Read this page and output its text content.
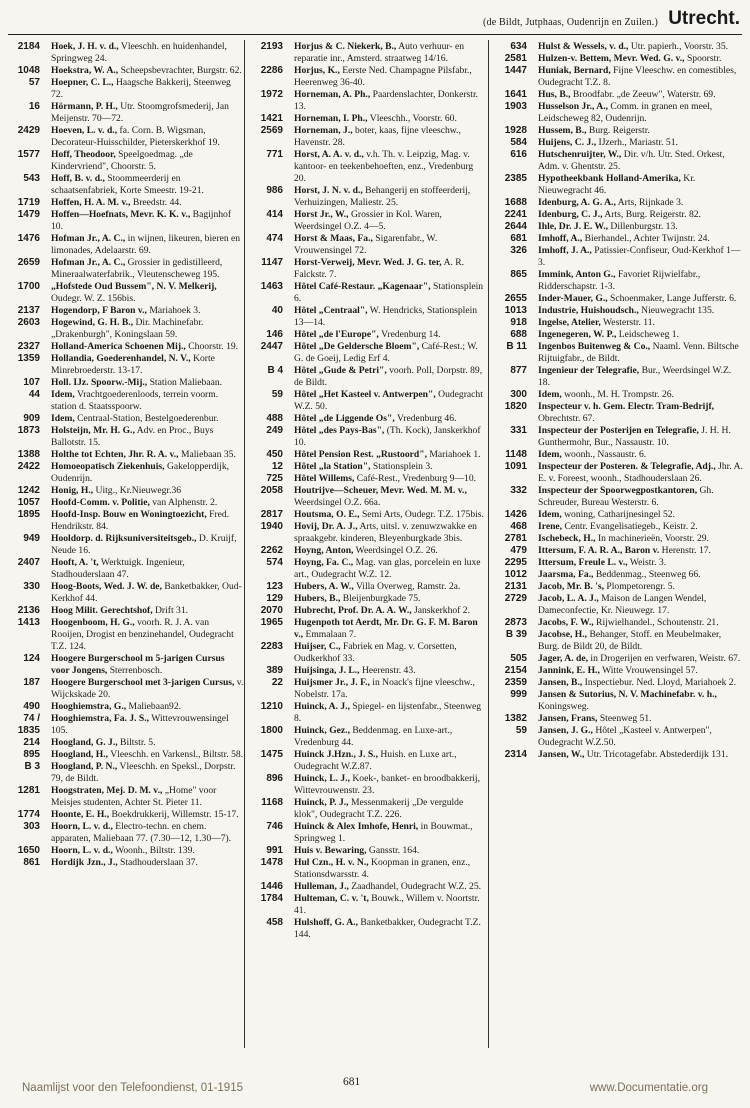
(de Bildt, Jutphaas, Oudenrijn en Zuilen.) Utrecht.
2184 Hoek, J. H. v. d., Vleeschh. en huidenhandel, Springweg 24.
1048 Hoekstra, W. A., Scheepsbevrachter, Burgstr. 62.
57 Hoepner, C. L., Haagsche Bakkerij, Steenweg 72.
16 Hörmann, P. H., Utr. Stoomgrofsmederij, Jan Meijenstr. 70—72.
2429 Hoeven, L. v. d., fa. Corn. B. Wigsman, Decorateur-Huisschilder, Pieterskerkhof 19.
1577 Hoff, Theodoor, Speelgoedmag. „de Kindervriend", Choorstr. 5.
543 Hoff, B. v. d., Stoommeerderij en schaatsenfabriek, Korte Smeestr. 19-21.
1719 Hoffen, H. A. M. v., Breedstr. 44.
1479 Hoffen—Hoefnats, Mevr. K. K. v., Bagijnhof 10.
1476 Hofman Jr., A. C., in wijnen, likeuren, bieren en limonades, Adelaarstr. 69.
2659 Hofman Jr., A. C., Grossier in gedistilleerd, Mineraalwaterfabrik., Vleutenscheweg 195.
1700 „Hofstede Oud Bussem", N. V. Melkerij, Oudegr. W. Z. 156bis.
2137 Hogendorp, F Baron v., Mariahoek 3.
2603 Hogewind, G. H. B., Dir. Machinefabr. „Drakenburgh", Koningslaan 59.
2327 Holland-America Schoenen Mij., Choorstr. 19.
1359 Hollandia, Goederenhandel, N. V., Korte Minrebroederstr. 13-17.
107 Holl. IJz. Spoorw.-Mij., Station Maliebaan.
44 Idem, Vrachtgoederenloods, terrein voorm. station d. Staatsspoorw.
909 Idem, Centraal-Station, Bestelgoederenbur.
1873 Holsteijn, Mr. H. G., Adv. en Proc., Buys Ballotstr. 15.
1388 Holthe tot Echten, Jhr. R. A. v., Maliebaan 35.
2422 Homoeopatisch Ziekenhuis, Gakelopperdijk, Oudenrijn.
1242 Honig, H., Uitg., Kr.Nieuwegr.36
1057 Hoofd-Comm. v. Politie, van Alphenstr. 2.
1895 Hoofd-Insp. Bouw en Woningtoezicht, Fred. Hendrikstr. 84.
949 Hooldorp. d. Rijksuniversiteitsgeb., D. Kruijf, Neude 16.
2407 Hooft, A. 't, Werktuigk. Ingenieur, Stadhouderslaan 47.
330 Hoog-Boots, Wed. J. W. de, Banketbakker, Oud-Kerkhof 44.
2136 Hoog Milit. Gerechtshof, Drift 31.
1413 Hoogenboom, H. G., voorh. R. J. A. van Rooijen, Drogist en benzinehandel, Oudegracht T.Z. 124.
124 Hoogere Burgerschool m 5-jarigen Cursus voor Jongens, Sterrenbosch.
187 Hoogere Burgerschool met 3-jarigen Cursus, v. Wijckskade 20.
490 Hooghiemstra, G., Maliebaan92.
74 / 1835
Hooghiemstra, Fa. J. S., Wittevrouwensingel 105.
214 Hoogland, G. J., Biltstr. 5.
895 Hoogland, H., Vleeschh. en Varkensl., Biltstr. 58.
B 3 Hoogland, P. N., Vleeschh. en Speksl., Dorpstr. 79, de Bildt.
1281 Hoogstraten, Mej. D. M. v., „Home" voor Meisjes studenten, Achter St. Pieter 11.
1774 Hoonte, E. H., Boekdrukkerij, Willemstr. 15-17.
303 Hoorn, L. v. d., Electro-techn. en chem. apparaten, Maliebaan 77. (7.30—12, 1.30—7).
1650 Hoorn, L. v. d., Woonh., Biltstr. 139.
861 Hordijk Jzn., J., Stadhouderslaan 37.
2193 Horjus & C. Niekerk, B., Auto verhuur- en reparatie inr., Amsterd. straatweg 14/16.
2286 Horjus, K., Eerste Ned. Champagne Pilsfabr., Heerenweg 36-40.
1972 Horneman, A. Ph., Paardenslachter, Donkerstr. 13.
1421 Horneman, I. Ph., Vleeschh., Voorstr. 60.
2569 Horneman, J., boter, kaas, fijne vleeschw., Havenstr. 28.
771 Horst, A. A. v. d., v.h. Th. v. Leipzig, Mag. v. kantoor- en teekenbehoeften, enz., Vredenburg 20.
986 Horst, J. N. v. d., Behangerij en stoffeerderij, Verhuizingen, Maliestr. 25.
414 Horst Jr., W., Grossier in Kol. Waren, Weerdsingel O.Z. 4—5.
474 Horst & Maas, Fa., Sigarenfabr., W. Vrouwensingel 72.
1147 Horst-Verweij, Mevr. Wed. J. G. ter, A. R. Falckstr. 7.
1463 Hôtel Café-Restaur. „Kagenaar", Stationsplein 6.
40 Hôtel „Centraal", W. Hendricks, Stationsplein 13—14.
146 Hôtel „de l'Europe", Vredenburg 14.
2447 Hôtel „De Geldersche Bloem", Café-Rest.; W. G. de Goeij, Ledig Erf 4.
B 4 Hôtel „Gude & Petri", voorh. Poll, Dorpstr. 89, de Bildt.
59 Hôtel „Het Kasteel v. Antwerpen", Oudegracht W.Z. 50.
488 Hôtel „de Liggende Os", Vredenburg 46.
249 Hôtel „des Pays-Bas", (Th. Kock), Janskerkhof 10.
450 Hôtel Pension Rest. „Rustoord", Mariahoek 1.
12 Hôtel „la Station", Stationsplein 3.
725 Hôtel Willems, Café-Rest., Vredenburg 9—10.
2058 Houtrijve—Scheuer, Mevr. Wed. M. M. v., Weerdsingel O.Z. 66a.
2817 Houtsma, O. E., Semi Arts, Oudegr. T.Z. 175bis.
1940 Hovij, Dr. A. J., Arts, uitsl. v. zenuwzwakke en spraakgebr. kinderen, Bleyenburgkade 3bis.
2262 Hoyng, Anton, Weerdsingel O.Z. 26.
574 Hoyng, Fa. C., Mag. van glas, porcelein en luxe art., Oudegracht W.Z. 12.
123 Hubers, A. W., Villa Overweg, Ramstr. 2a.
129 Hubers, B., Bleijenburgkade 75.
2070 Hubrecht, Prof. Dr. A. A. W., Janskerkhof 2.
1965 Hugenpoth tot Aerdt, Mr. Dr. G. F. M. Baron v., Emmalaan 7.
2283 Huijser, C., Fabriek en Mag. v. Corsetten, Oudkerkhof 33.
389 Huijsinga, J. L., Heerenstr. 43.
22 Huijsmer Jr., J. F., in Noack's fijne vleeschw., Nobelstr. 17a.
1210 Huinck, A. J., Spiegel- en lijstenfabr., Steenweg 8.
1800 Huinck, Gez., Beddenmag. en Luxe-art., Vredenburg 44.
1475 Huinck J.Hzn., J. S., Huish. en Luxe art., Oudegracht W.Z.87.
896 Huinck, L. J., Koek-, banket- en broodbakkerij, Wittevrouwenstr. 23.
1168 Huinck, P. J., Messenmakerij „De vergulde klok", Oudegracht T.Z. 226.
746 Huinck & Alex Imhofe, Henri, in Bouwmat., Springweg 1.
991 Huis v. Bewaring, Gansstr. 164.
1478 Hul Czn., H. v. N., Koopman in granen, enz., Stationsdwarsstr. 4.
1446 Hulleman, J., Zaadhandel, Oudegracht W.Z. 25.
1784 Hulteman, C. v. 't, Bouwk., Willem v. Noortstr. 41.
458 Hulshoff, G. A., Banketbakker, Oudegracht T.Z. 144.
634 Hulst & Wessels, v. d., Utr. papierh., Voorstr. 35.
2581 Hulzen-v. Bettem, Mevr. Wed. G. v., Spoorstr.
1447 Huniak, Bernard, Fijne Vleeschw. en comestibles, Oudegracht T.Z. 8.
1641 Hus, B., Broodfabr. „de Zeeuw", Waterstr. 69.
1903 Husselson Jr., A., Comm. in granen en meel, Leidscheweg 82, Oudenrijn.
1928 Hussem, B., Burg. Reigerstr.
584 Huijens, C. J., IJzerh., Mariastr. 51.
616 Hutschenruijter, W., Dir. v/h. Utr. Sted. Orkest, Adm. v. Ghentstr. 25.
2385 Hypotheekbank Holland-Amerika, Kr. Nieuwegracht 46.
1688 Idenburg, A. G. A., Arts, Rijnkade 3.
2241 Idenburg, C. J., Arts, Burg. Reigerstr. 82.
2644 Ihle, Dr. J. E. W., Dillenburgstr. 13.
681 Imhoff, A., Bierhandel., Achter Twijnstr. 24.
326 Imhoff, J. A., Patissier-Confiseur, Oud-Kerkhof 1—3.
865 Immink, Anton G., Favoriet Rijwielfabr., Ridderschapstr. 1-3.
2655 Inder-Mauer, G., Schoenmaker, Lange Jufferstr. 6.
1013 Industrie, Huishoudsch., Nieuwegracht 135.
918 Ingelse, Atelier, Westerstr. 11.
688 Ingenegeren, W. P., Leidscheweg 1.
B 11 Ingenbos Buitenweg & Co., Naaml. Venn. Biltsche Rijtuigfabr., de Bildt.
877 Ingenieur der Telegrafie, Bur., Weerdsingel W.Z. 18.
300 Idem, woonh., M. H. Trompstr. 26.
1820 Inspecteur v. h. Gem. Electr. Tram-Bedrijf, Obrechtstr. 67.
331 Inspecteur der Posterijen en Telegrafie, J. H. H. Gunthermohr, Bur., Nassaustr. 10.
1148 Idem, woonh., Nassaustr. 6.
1091 Inspecteur der Posteren. & Telegrafie, Adj., Jhr. A. E. v. Foreest, woonh., Stadhouderslaan 26.
332 Inspecteur der Spoorwegpostkantoren, Gh. Schreuder, Bureau Westerstr. 6.
1426 Idem, woning, Catharijnesingel 52.
468 Irene, Centr. Evangelisatiegeb., Keistr. 2.
2781 Ischebeck, H., In machinerieën, Voorstr. 29.
479 Ittersum, F. A. R. A., Baron v. Herenstr. 17.
2295 Ittersum, Freule L. v., Weistr. 3.
1012 Jaarsma, Fa., Beddenmag., Steenweg 66.
2131 Jacob, Mr. B. 's, Plompetorengr. 5.
2729 Jacob, L. A. J., Maison de Langen Wendel, Dameconfectie, Kr. Nieuwegr. 17.
2873 Jacobs, F. W., Rijwielhandel., Schoutenstr. 21.
B 39 Jacobse, H., Behanger, Stoff. en Meubelmaker, Burg. de Bildt 20, de Bildt.
505 Jager, A. de, in Drogerijen en verfwaren, Weistr. 67.
2154 Jannink, E. H., Witte Vrouwensingel 57.
2359 Jansen, B., Inspectiebur. Ned. Lloyd, Mariahoek 2.
999 Jansen & Sutorius, N. V. Machinefabr. v. h., Koningsweg.
1382 Jansen, Frans, Steenweg 51.
59 Jansen, J. G., Hôtel „Kasteel v. Antwerpen", Oudegracht W.Z.50.
2314 Jansen, W., Utr. Tricotagefabr. Abstederdijk 131.
Naamlijst voor den Telefoondienst, 01-1915	681	www.Documentatie.org
